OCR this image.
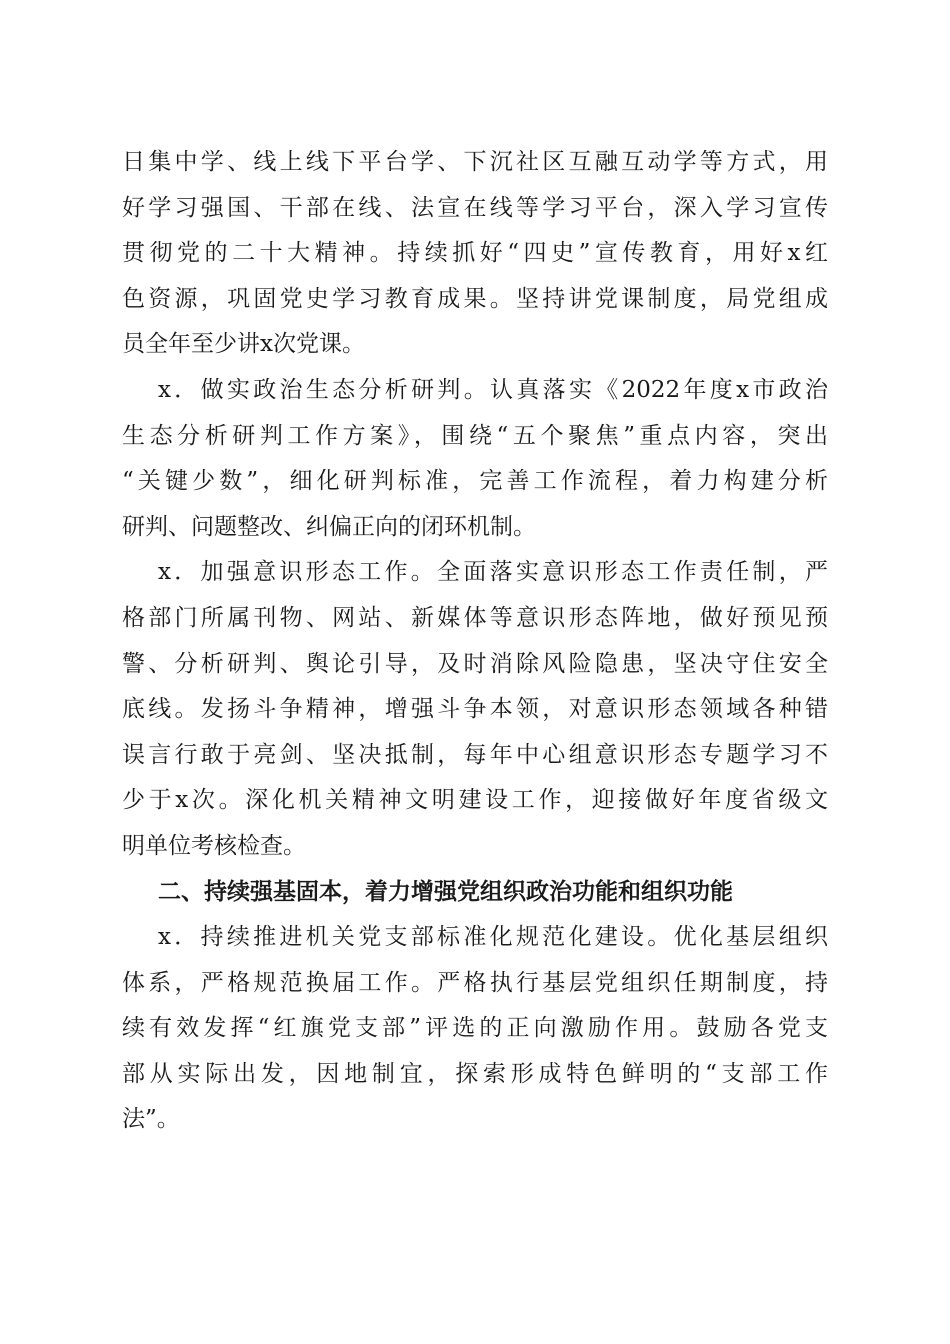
日集中学、线上线下平台学、下沉社区互融互动学等方式，用
好学习强国、干部在线、法宣在线等学习平台，深入学习宣传
贯彻党的二十大精神。持续抓好“四史”宣传教育，用好x红
色资源，巩固党史学习教育成果。坚持讲党课制度，局党组成
员全年至少讲x次党课。
x．做实政治生态分析研判。认真落实《2022年度x市政治
生态分析研判工作方案》，围绕“五个聚焦”重点内容，突出
“关键少数”，细化研判标准，完善工作流程，着力构建分析
研判、问题整改、纠偏正向的闭环机制。
x．加强意识形态工作。全面落实意识形态工作责任制，严
格部门所属刊物、网站、新媒体等意识形态阵地，做好预见预
警、分析研判、舆论引导，及时消除风险隐患，坚决守住安全
底线。发扬斗争精神，增强斗争本领，对意识形态领域各种错
误言行敢于亮剑、坚决抵制，每年中心组意识形态专题学习不
少于x次。深化机关精神文明建设工作，迎接做好年度省级文
明单位考核检查。
二、持续强基固本，着力增强党组织政治功能和组织功能
x．持续推进机关党支部标准化规范化建设。优化基层组织
体系，严格规范换届工作。严格执行基层党组织任期制度，持
续有效发挥“红旗党支部”评选的正向激励作用。鼓励各党支
部从实际出发，因地制宜，探索形成特色鲜明的“支部工作
法”。
